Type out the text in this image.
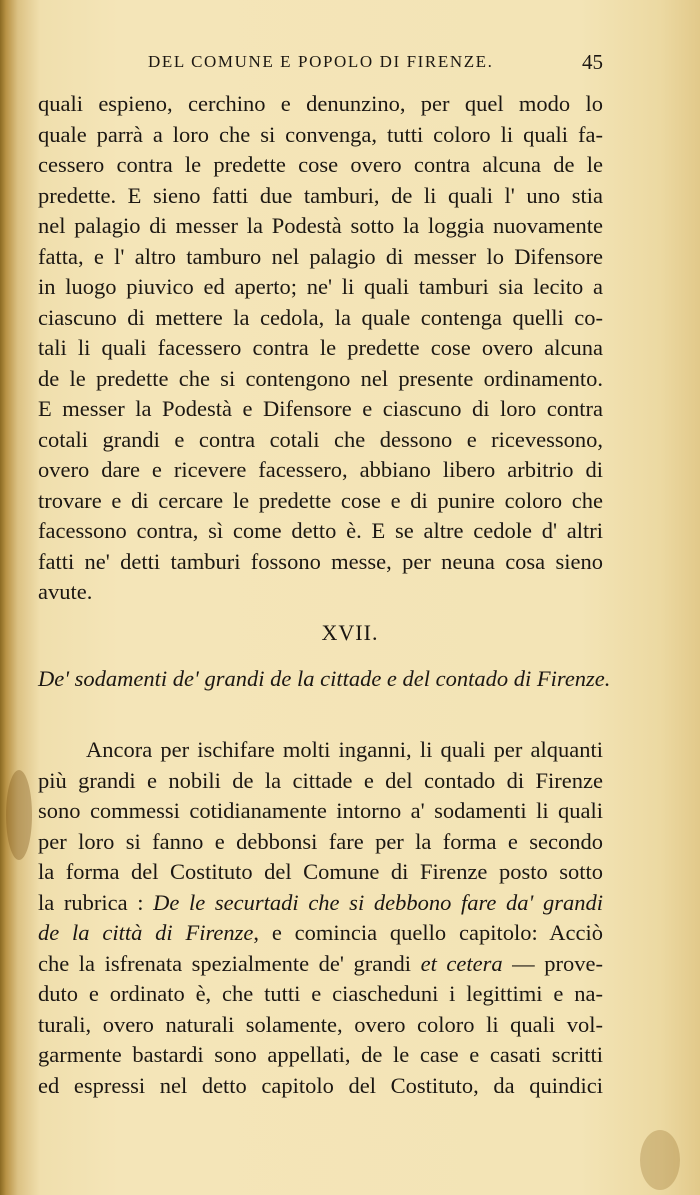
DEL COMUNE E POPOLO DI FIRENZE.	45
quali espieno, cerchino e denunzino, per quel modo lo
quale parrà a loro che si convenga, tutti coloro li quali fa-
cessero contra le predette cose overo contra alcuna de le
predette. E sieno fatti due tamburi, de li quali l' uno stia
nel palagio di messer la Podestà sotto la loggia nuovamente
fatta, e l' altro tamburo nel palagio di messer lo Difensore
in luogo piuvico ed aperto; ne' li quali tamburi sia lecito a
ciascuno di mettere la cedola, la quale contenga quelli co-
tali li quali facessero contra le predette cose overo alcuna
de le predette che si contengono nel presente ordinamento.
E messer la Podestà e Difensore e ciascuno di loro contra
cotali grandi e contra cotali che dessono e ricevessono,
overo dare e ricevere facessero, abbiano libero arbitrio di
trovare e di cercare le predette cose e di punire coloro che
facessono contra, sì come detto è. E se altre cedole d' altri
fatti ne' detti tamburi fossono messe, per neuna cosa sieno
avute.
XVII.
De' sodamenti de' grandi de la cittade e del contado di Firenze.
Ancora per ischifare molti inganni, li quali per alquanti
più grandi e nobili de la cittade e del contado di Firenze
sono commessi cotidianamente intorno a' sodamenti li quali
per loro si fanno e debbonsi fare per la forma e secondo
la forma del Costituto del Comune di Firenze posto sotto
la rubrica : De le securtadi che si debbono fare da' grandi
de la città di Firenze, e comincia quello capitolo: Acciò
che la isfrenata spezialmente de' grandi et cetera — prove-
duto e ordinato è, che tutti e ciascheduni i legittimi e na-
turali, overo naturali solamente, overo coloro li quali vol-
garmente bastardi sono appellati, de le case e casati scritti
ed espressi nel detto capitolo del Costituto, da quindici
